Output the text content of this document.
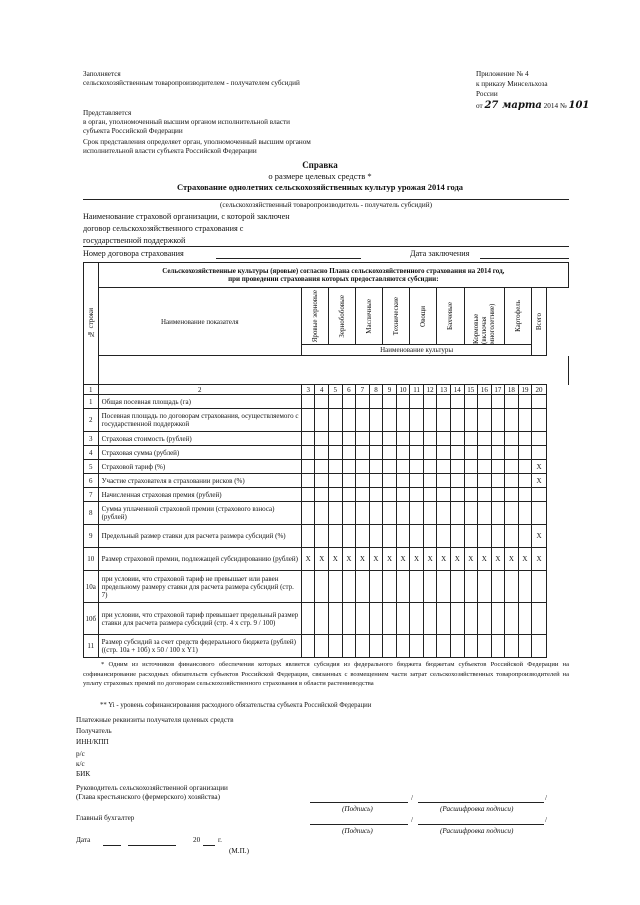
Заполняется
сельскохозяйственным товаропроизводителем - получателем субсидий
Приложение № 4
к приказу Минсельхоза
России
от 27 марта 2014 № 101
Представляется
в орган, уполномоченный высшим органом исполнительной власти
субъекта Российской Федерации
Срок представления определяет орган, уполномоченный высшим органом
исполнительной власти субъекта Российской Федерации
Справка
о размере целевых средств *
Страхование однолетних сельскохозяйственных культур урожая 2014 года
(сельскохозяйственный товаропроизводитель - получатель субсидий)
Наименование страховой организации, с которой заключен
договор сельскохозяйственного страхования с
государственной поддержкой
Номер договора страхования	Дата заключения
№ строки	Сельскохозяйственные культуры (яровые) согласно Плана сельскохозяйственного страхования на 2014 год,
при проведении страхования которых предоставляются субсидии:																		

	Наименование показателя	Яровые зерновые		Зернобобовые		Масличные		Технические		Овощи		Бахчевые		Кормовые (включая многолетние)			Картофель		Всего

		Наименование культуры																	

1	2	3	4	5	6	7	8	9	10	11	12	13	14	15	16	17	18	19	20
1	Общая посевная площадь (га)																		
2	Посевная площадь по договорам страхования, осуществляемого с государственной поддержкой																		
3	Страховая стоимость (рублей)																		
4	Страховая сумма (рублей)																		
5	Страховой тариф (%)																		X
6	Участие страхователя в страховании рисков (%)																		X
7	Начисленная страховая премия (рублей)																		
8	Сумма уплаченной страховой премии (страхового взноса) (рублей)																		
9	Предельный размер ставки для расчета размера субсидий (%)																		X
10	Размер страховой премии, подлежащей субсидированию (рублей)	X	X	X	X	X	X	X	X	X	X	X	X	X	X	X	X	X	X
10а	при условии, что страховой тариф не превышает или равен предельному размеру ставки для расчета размера субсидий (стр. 7)																		
10б	при условии, что страховой тариф превышает предельный размер ставки для расчета размера субсидий (стр. 4 х стр. 9 / 100)																		
11	Размер субсидий за счет средств федерального бюджета (рублей) ((стр. 10а + 10б) х 50 / 100 х Y1)																		
* Одним из источников финансового обеспечения которых является субсидия из федерального бюджета бюджетам субъектов Российской Федерации на софинансирование расходных обязательств субъектов Российской Федерации, связанных с возмещением части затрат сельскохозяйственных товаропроизводителей на уплату страховых премий по договорам сельскохозяйственного страхования в области растениеводства
** Yi - уровень софинансирования расходного обязательства субъекта Российской Федерации
Платежные реквизиты получателя целевых средств
Получатель
ИНН/КПП
р/с
к/с
БИК
Руководитель сельскохозяйственной организации
(Глава крестьянского (фермерского) хозяйства)	/	/
(Подпись)	(Расшифровка подписи)
Главный бухгалтер	/	/
(Подпись)	(Расшифровка подписи)
Дата	20 г.
(М.П.)
